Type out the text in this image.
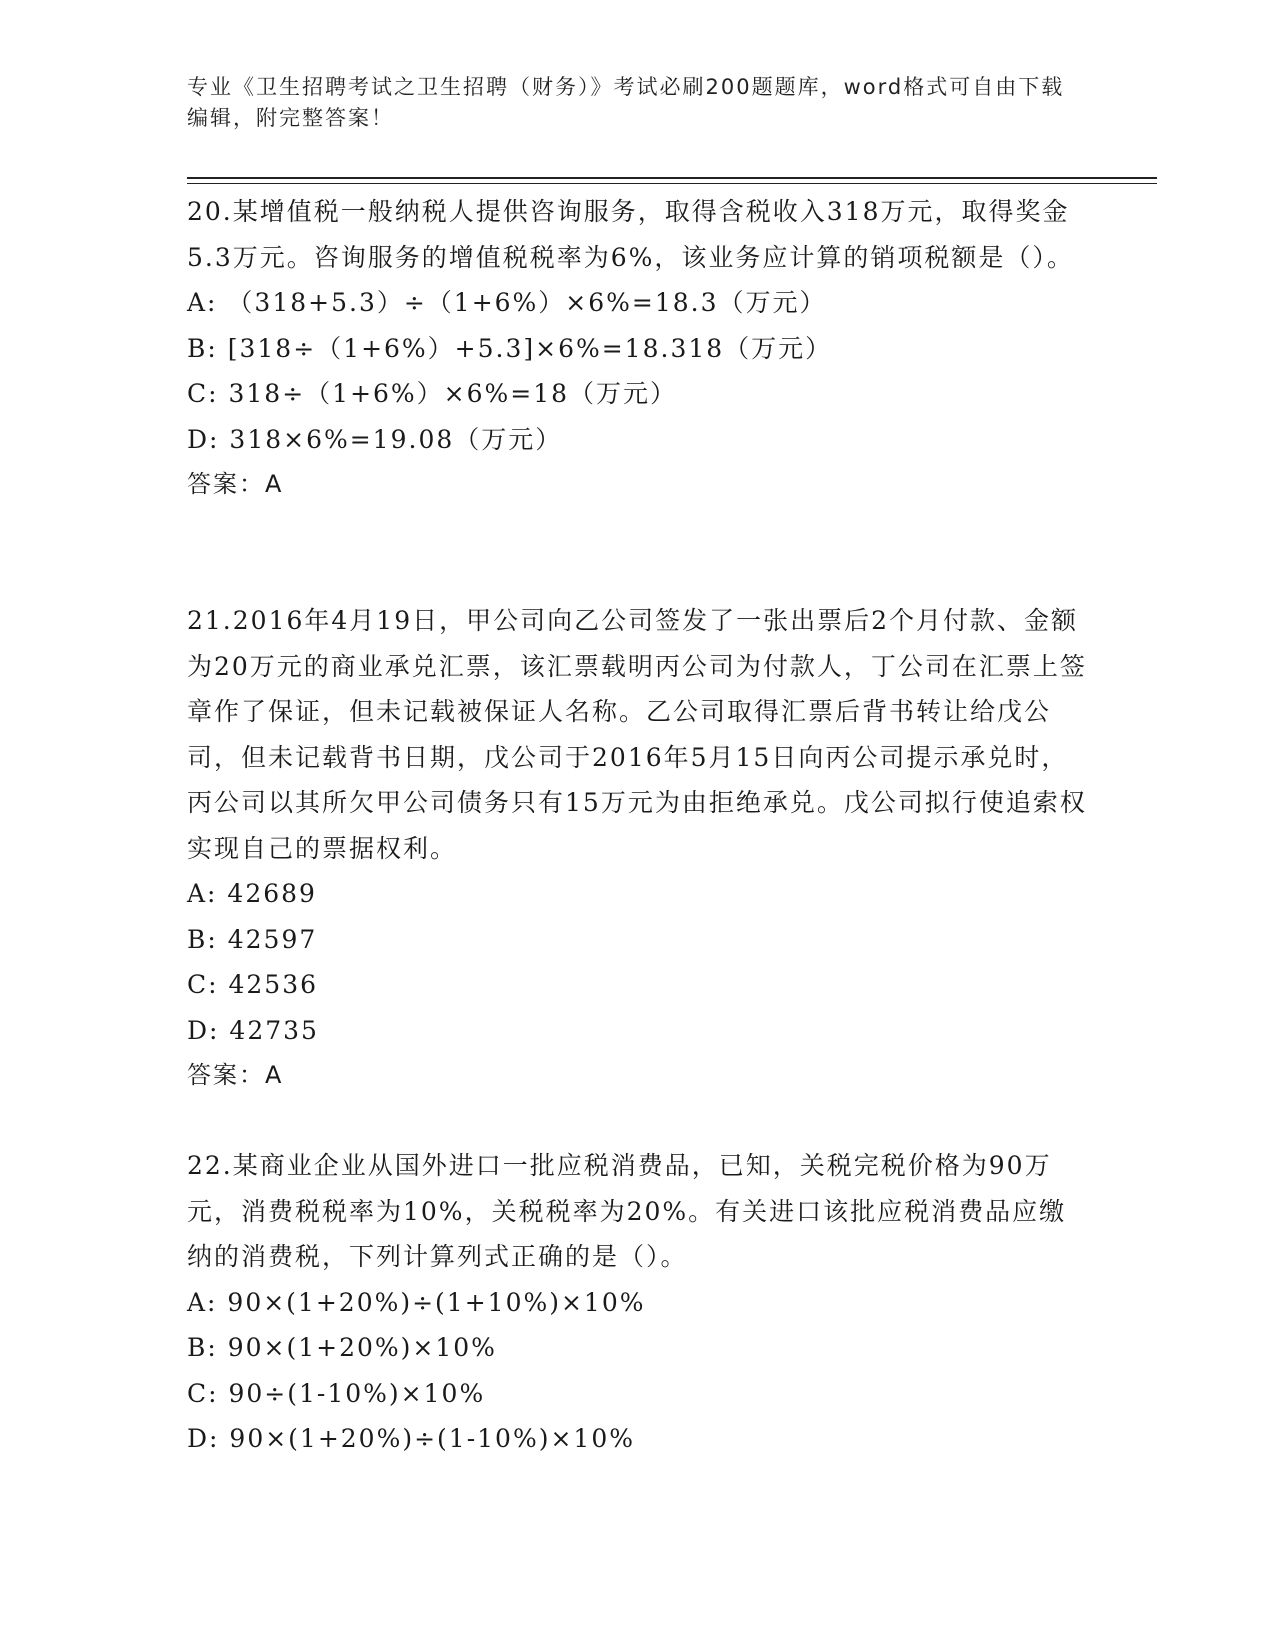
专业《卫生招聘考试之卫生招聘（财务）》考试必刷200题题库，word格式可自由下载编辑，附完整答案！

20.某增值税一般纳税人提供咨询服务，取得含税收入318万元，取得奖金5.3万元。咨询服务的增值税税率为6%，该业务应计算的销项税额是（）。

A: （318+5.3）÷（1+6%）×6%=18.3（万元）

B: [318÷（1+6%）+5.3]×6%=18.318（万元）

C: 318÷（1+6%）×6%=18（万元）

D: 318×6%=19.08（万元）

答案：A

21.2016年4月19日，甲公司向乙公司签发了一张出票后2个月付款、金额为20万元的商业承兑汇票，该汇票载明丙公司为付款人，丁公司在汇票上签章作了保证，但未记载被保证人名称。乙公司取得汇票后背书转让给戊公司，但未记载背书日期，戊公司于2016年5月15日向丙公司提示承兑时，丙公司以其所欠甲公司债务只有15万元为由拒绝承兑。戊公司拟行使追索权实现自己的票据权利。

A: 42689

B: 42597

C: 42536

D: 42735

答案：A

22.某商业企业从国外进口一批应税消费品，已知，关税完税价格为90万元，消费税税率为10%，关税税率为20%。有关进口该批应税消费品应缴纳的消费税，下列计算列式正确的是（）。

A: 90×(1+20%)÷(1+10%)×10%

B: 90×(1+20%)×10%

C: 90÷(1-10%)×10%

D: 90×(1+20%)÷(1-10%)×10%
